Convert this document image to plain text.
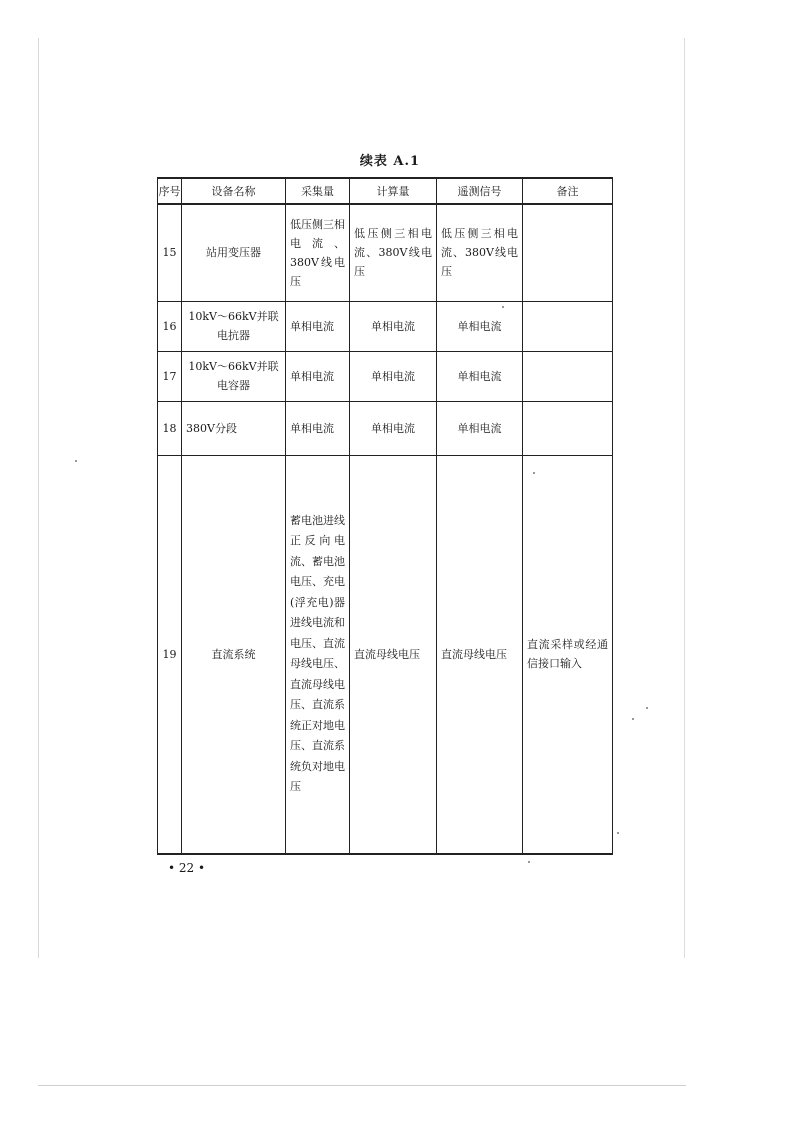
续表 A.1
序号	设备名称	采集量	计算量	遥测信号	备注
15	站用变压器	低压侧三相电流、380V线电压	低压侧三相电流、380V线电压	低压侧三相电流、380V线电压	
16	10kV～66kV并联电抗器	单相电流	单相电流	单相电流	
17	10kV～66kV并联电容器	单相电流	单相电流	单相电流	
18	380V分段	单相电流	单相电流	单相电流	
19	直流系统	蓄电池进线正反向电流、蓄电池电压、充电(浮充电)器进线电流和电压、直流母线电压、直流母线电压、直流系统正对地电压、直流系统负对地电压	直流母线电压	直流母线电压	直流采样或经通信接口输入
• 22 •
